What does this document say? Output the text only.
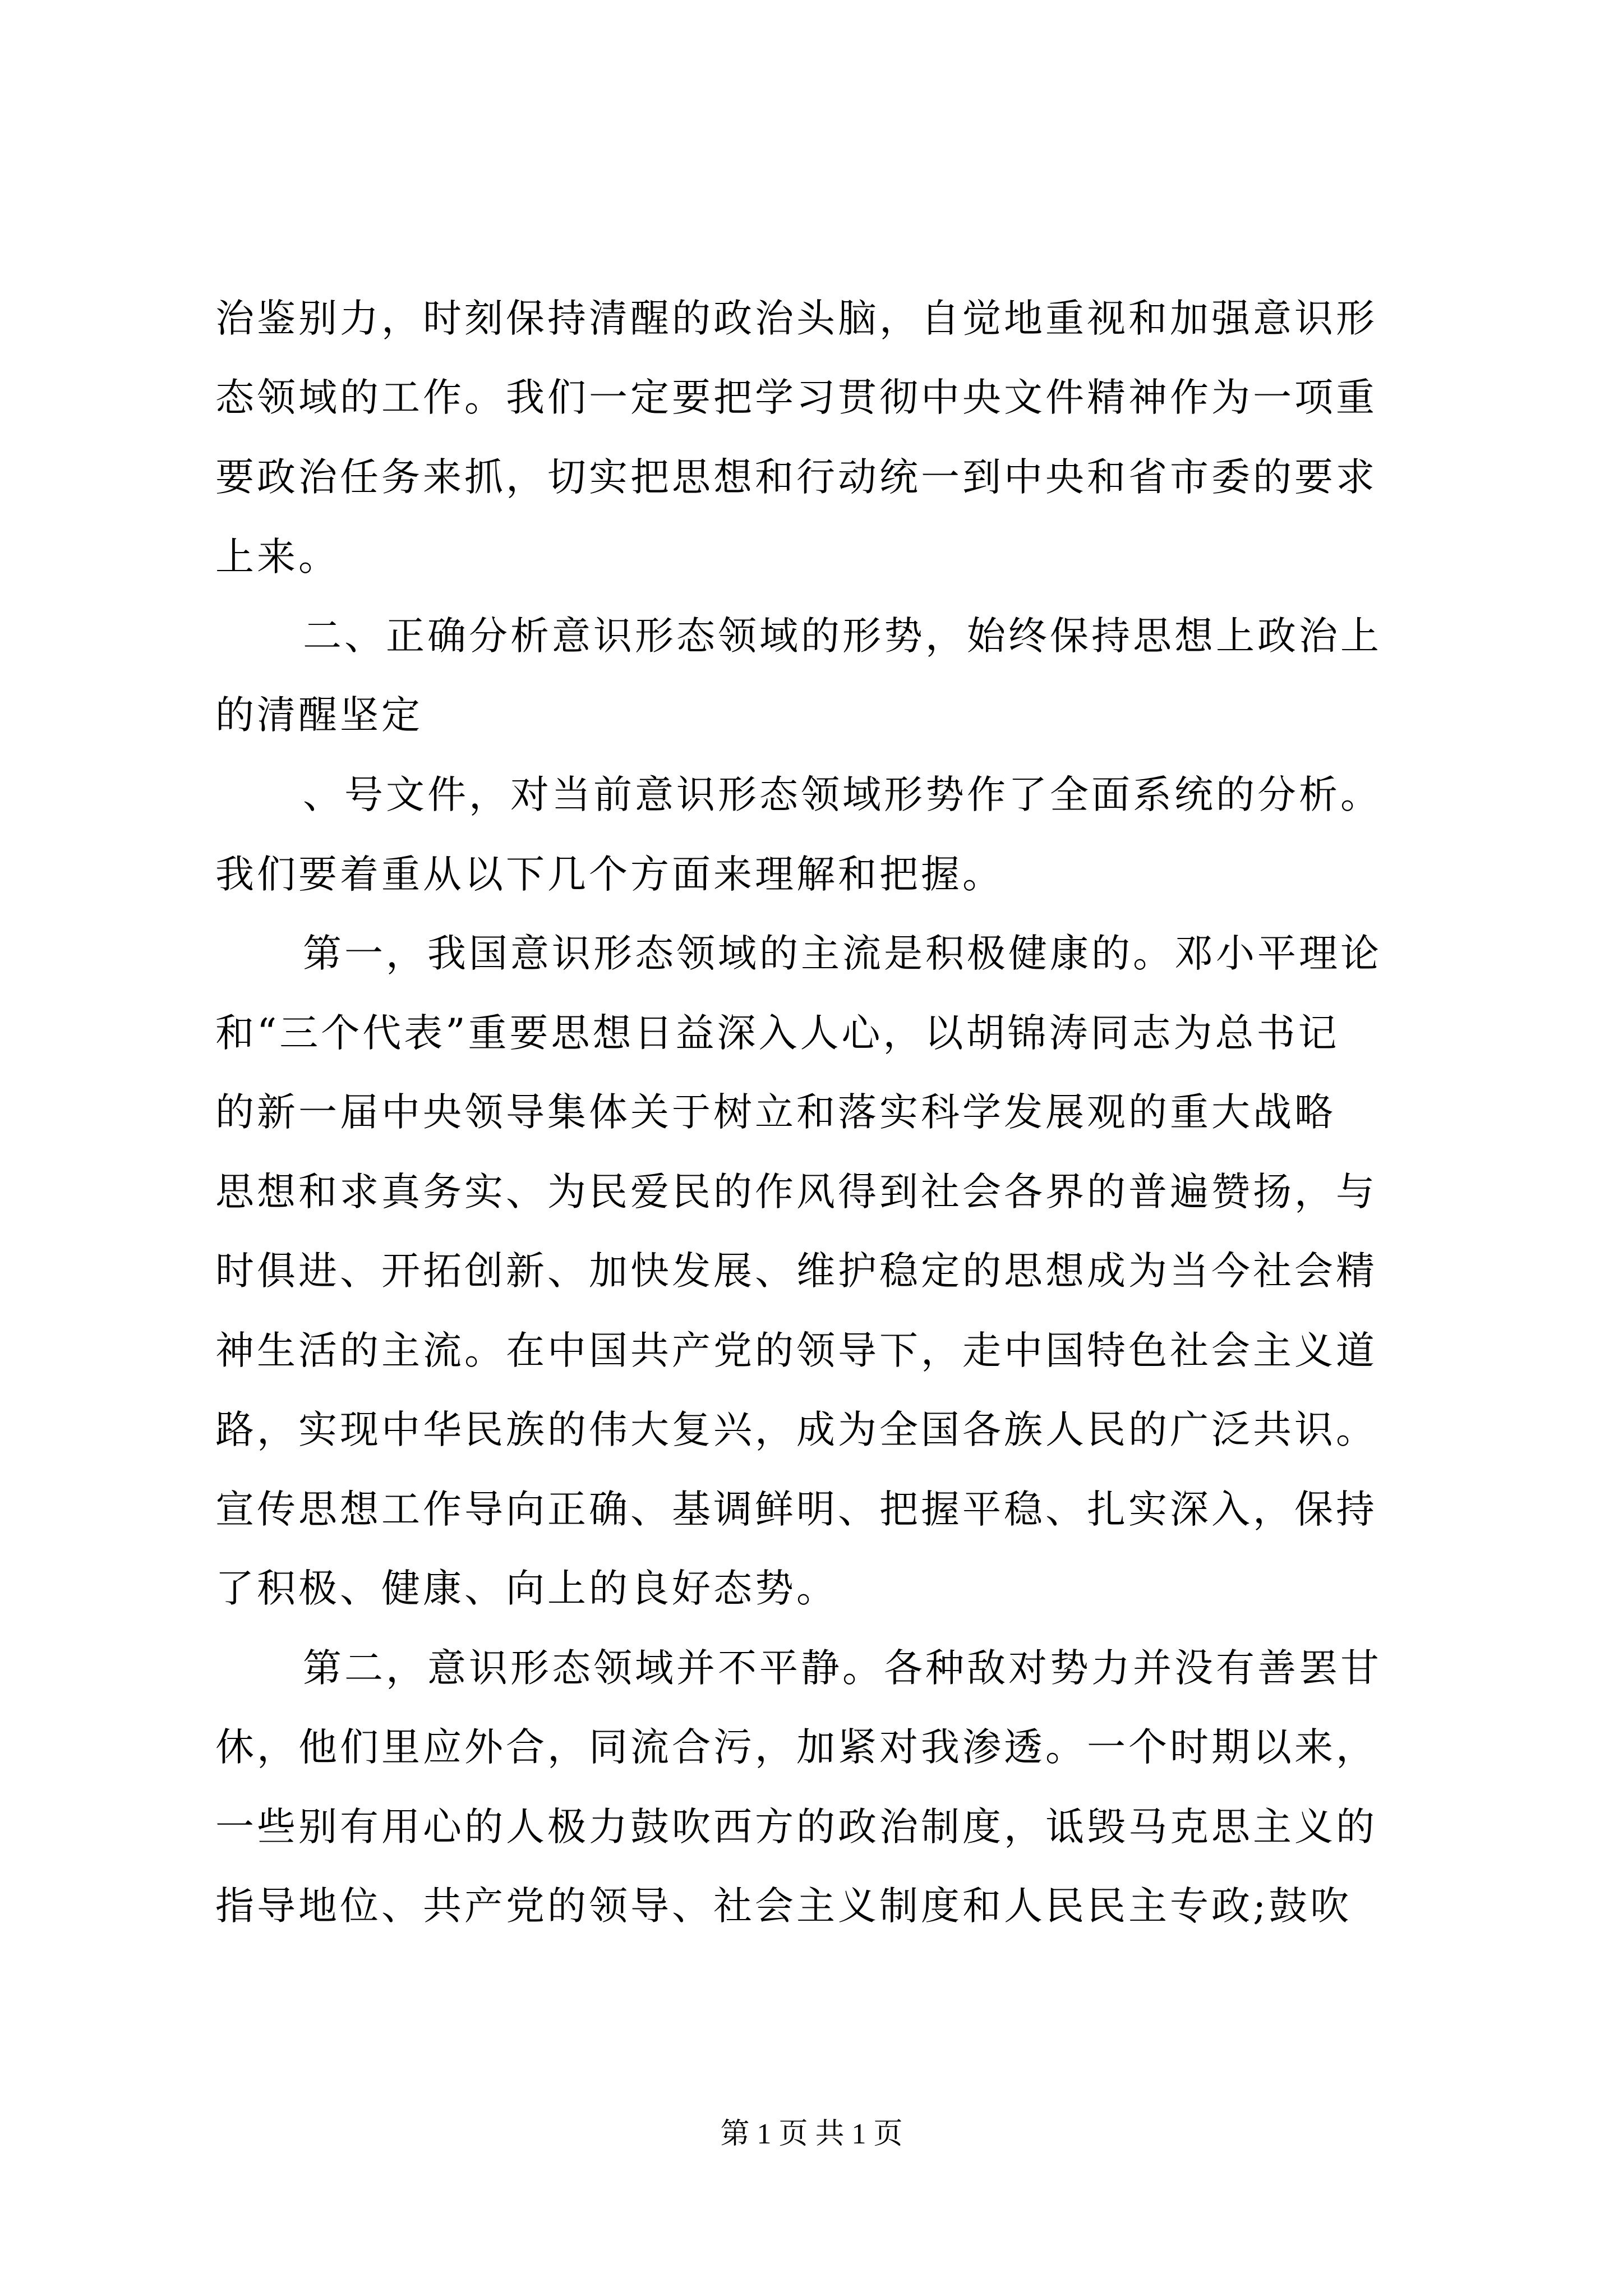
治鉴别力，时刻保持清醒的政治头脑，自觉地重视和加强意识形
态领域的工作。我们一定要把学习贯彻中央文件精神作为一项重
要政治任务来抓，切实把思想和行动统一到中央和省市委的要求
上来。
二、正确分析意识形态领域的形势，始终保持思想上政治上
的清醒坚定
、号文件，对当前意识形态领域形势作了全面系统的分析。
我们要着重从以下几个方面来理解和把握。
第一，我国意识形态领域的主流是积极健康的。邓小平理论
和“三个代表”重要思想日益深入人心，以胡锦涛同志为总书记
的新一届中央领导集体关于树立和落实科学发展观的重大战略
思想和求真务实、为民爱民的作风得到社会各界的普遍赞扬，与
时俱进、开拓创新、加快发展、维护稳定的思想成为当今社会精
神生活的主流。在中国共产党的领导下，走中国特色社会主义道
路，实现中华民族的伟大复兴，成为全国各族人民的广泛共识。
宣传思想工作导向正确、基调鲜明、把握平稳、扎实深入，保持
了积极、健康、向上的良好态势。
第二，意识形态领域并不平静。各种敌对势力并没有善罢甘
休，他们里应外合，同流合污，加紧对我渗透。一个时期以来，
一些别有用心的人极力鼓吹西方的政治制度，诋毁马克思主义的
指导地位、共产党的领导、社会主义制度和人民民主专政;鼓吹
第 1 页 共 1 页
